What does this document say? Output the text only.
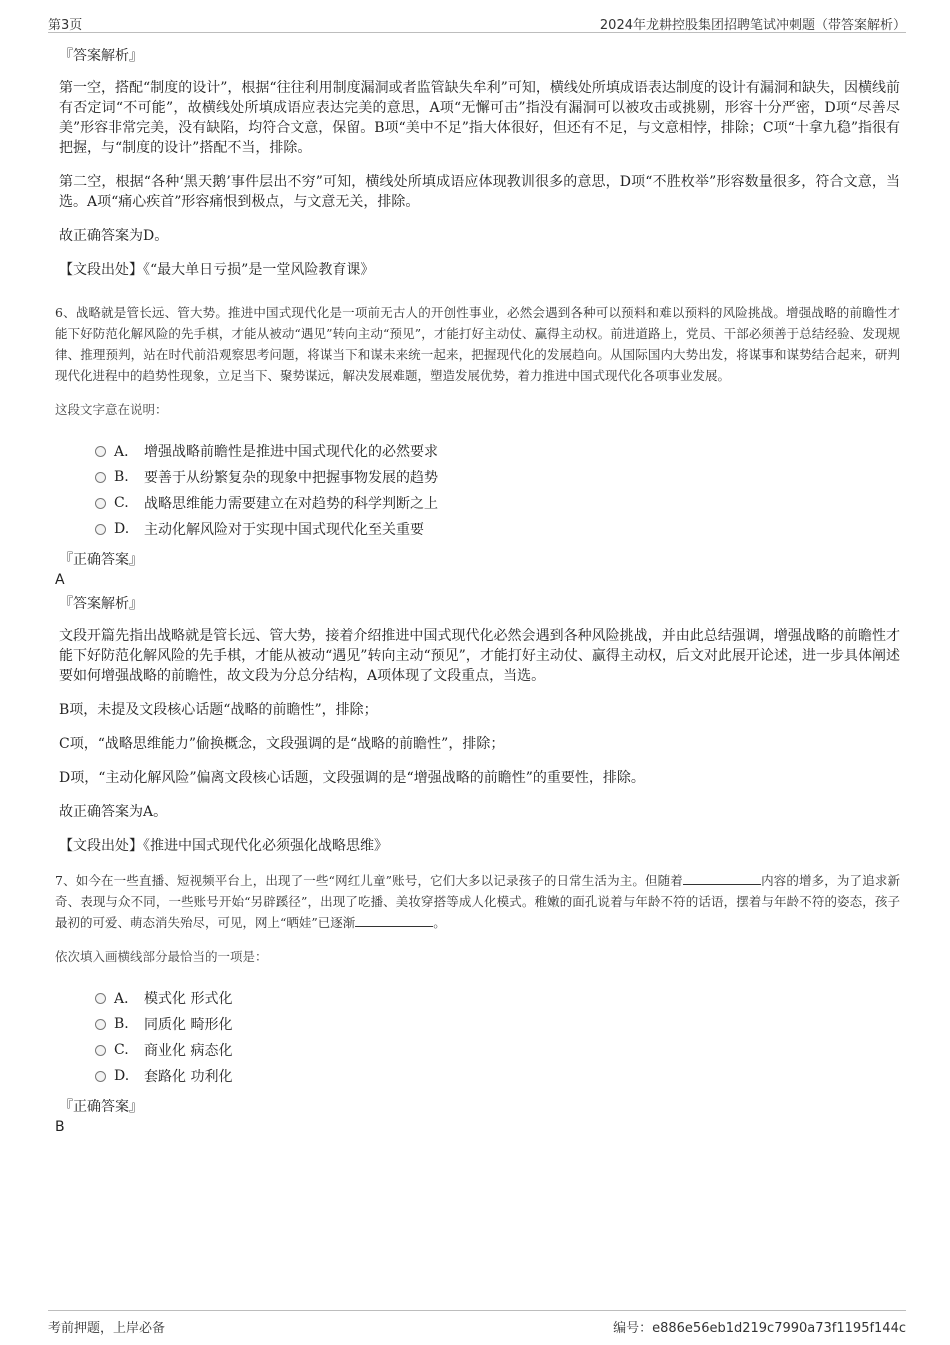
第3页	2024年龙耕控股集团招聘笔试冲刺题（带答案解析）
『答案解析』

第一空，搭配“制度的设计”，根据“往往利用制度漏洞或者监管缺失牟利”可知，横线处所填成语表达制度的设计有漏洞和缺失，因横线前有否定词“不可能”，故横线处所填成语应表达完美的意思，A项“无懈可击”指没有漏洞可以被攻击或挑剔，形容十分严密，D项“尽善尽美”形容非常完美，没有缺陷，均符合文意，保留。B项“美中不足”指大体很好，但还有不足，与文意相悖，排除；C项“十拿九稳”指很有把握，与“制度的设计”搭配不当，排除。

第二空，根据“各种‘黑天鹅’事件层出不穷”可知，横线处所填成语应体现教训很多的意思，D项“不胜枚举”形容数量很多，符合文意，当选。A项“痛心疾首”形容痛恨到极点，与文意无关，排除。

故正确答案为D。

【文段出处】《“最大单日亏损”是一堂风险教育课》

6、战略就是管长远、管大势。推进中国式现代化是一项前无古人的开创性事业，必然会遇到各种可以预料和难以预料的风险挑战。增强战略的前瞻性才能下好防范化解风险的先手棋，才能从被动“遇见”转向主动“预见”，才能打好主动仗、赢得主动权。前进道路上，党员、干部必须善于总结经验、发现规律、推理预判，站在时代前沿观察思考问题，将谋当下和谋未来统一起来，把握现代化的发展趋向。从国际国内大势出发，将谋事和谋势结合起来，研判现代化进程中的趋势性现象，立足当下、聚势谋远，解决发展难题，塑造发展优势，着力推进中国式现代化各项事业发展。

这段文字意在说明：

A． 增强战略前瞻性是推进中国式现代化的必然要求
B.	要善于从纷繁复杂的现象中把握事物发展的趋势
C.	战略思维能力需要建立在对趋势的科学判断之上
D.	主动化解风险对于实现中国式现代化至关重要
『正确答案』
A
『答案解析』

文段开篇先指出战略就是管长远、管大势，接着介绍推进中国式现代化必然会遇到各种风险挑战，并由此总结强调，增强战略的前瞻性才能下好防范化解风险的先手棋，才能从被动“遇见”转向主动“预见”，才能打好主动仗、赢得主动权，后文对此展开论述，进一步具体阐述要如何增强战略的前瞻性，故文段为分总分结构，A项体现了文段重点，当选。

B项，未提及文段核心话题“战略的前瞻性”，排除；

C项，“战略思维能力”偷换概念，文段强调的是“战略的前瞻性”，排除；

D项，“主动化解风险”偏离文段核心话题，文段强调的是“增强战略的前瞻性”的重要性，排除。

故正确答案为A。

【文段出处】《推进中国式现代化必须强化战略思维》

7、如今在一些直播、短视频平台上，出现了一些“网红儿童”账号，它们大多以记录孩子的日常生活为主。但随着	内容的增多，为了追求新奇、表现与众不同，一些账号开始“另辟蹊径”，出现了吃播、美妆穿搭等成人化模式。稚嫩的面孔说着与年龄不符的话语，摆着与年龄不符的姿态，孩子最初的可爱、萌态消失殆尽，可见，网上“晒娃”已逐渐	。

依次填入画横线部分最恰当的一项是：

A． 模式化 形式化
B.	同质化 畸形化
C.	商业化 病态化
D.	套路化 功利化
『正确答案』
B
考前押题，上岸必备	编号：e886e56eb1d219c7990a73f1195f144c
